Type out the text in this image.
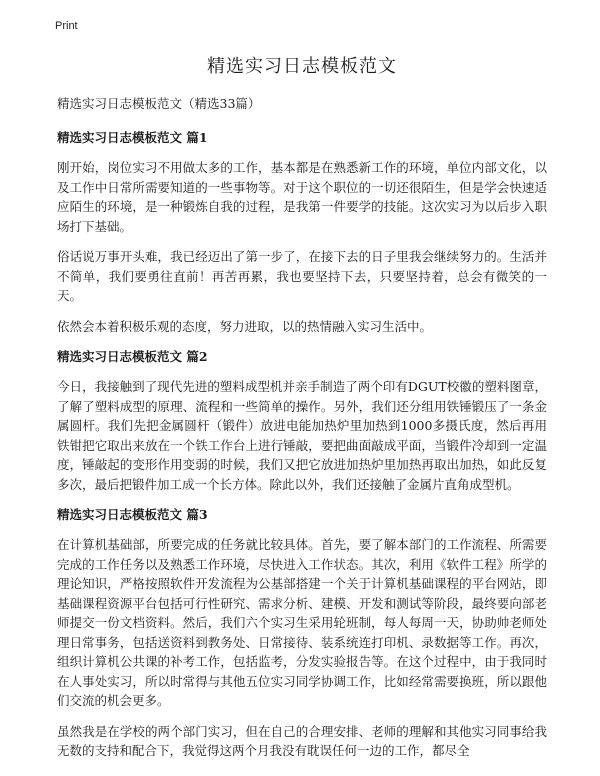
Print
精选实习日志模板范文

精选实习日志模板范文（精选33篇）

精选实习日志模板范文 篇1

刚开始，岗位实习不用做太多的工作，基本都是在熟悉新工作的环境，单位内部文化，以及工作中日常所需要知道的一些事物等。对于这个职位的一切还很陌生，但是学会快速适应陌生的环境，是一种锻炼自我的过程，是我第一件要学的技能。这次实习为以后步入职场打下基础。

俗话说万事开头难，我已经迈出了第一步了，在接下去的日子里我会继续努力的。生活并不简单，我们要勇往直前！再苦再累，我也要坚持下去，只要坚持着，总会有微笑的一天。

依然会本着积极乐观的态度，努力进取，以的热情融入实习生活中。

精选实习日志模板范文 篇2

今日，我接触到了现代先进的塑料成型机并亲手制造了两个印有DGUT校徽的塑料图章，了解了塑料成型的原理、流程和一些简单的操作。另外，我们还分组用铁锤锻压了一条金属圆杆。我们先把金属圆杆（锻件）放进电能加热炉里加热到1000多摄氏度，然后再用铁钳把它取出来放在一个铁工作台上进行锤敲，要把曲面敲成平面，当锻件冷却到一定温度，锤敲起的变形作用变弱的时候，我们又把它放进加热炉里加热再取出加热，如此反复多次，最后把锻件加工成一个长方体。除此以外，我们还接触了金属片直角成型机。

精选实习日志模板范文 篇3

在计算机基础部，所要完成的任务就比较具体。首先，要了解本部门的工作流程、所需要完成的工作任务以及熟悉工作环境，尽快进入工作状态。其次，利用《软件工程》所学的理论知识，严格按照软件开发流程为公基部搭建一个关于计算机基础课程的平台网站，即基础课程资源平台包括可行性研究、需求分析、建模、开发和测试等阶段，最终要向部老师提交一份文档资料。然后，我们六个实习生采用轮班制，每人每周一天，协助帅老师处理日常事务，包括送资料到教务处、日常接待、装系统连打印机、录数据等工作。再次，组织计算机公共课的补考工作，包括监考，分发实验报告等。在这个过程中，由于我同时在人事处实习，所以时常得与其他五位实习同学协调工作，比如经常需要换班，所以跟他们交流的机会更多。

虽然我是在学校的两个部门实习，但在自己的合理安排、老师的理解和其他实习同事给我无数的支持和配合下，我觉得这两个月我没有耽误任何一边的工作，都尽全
